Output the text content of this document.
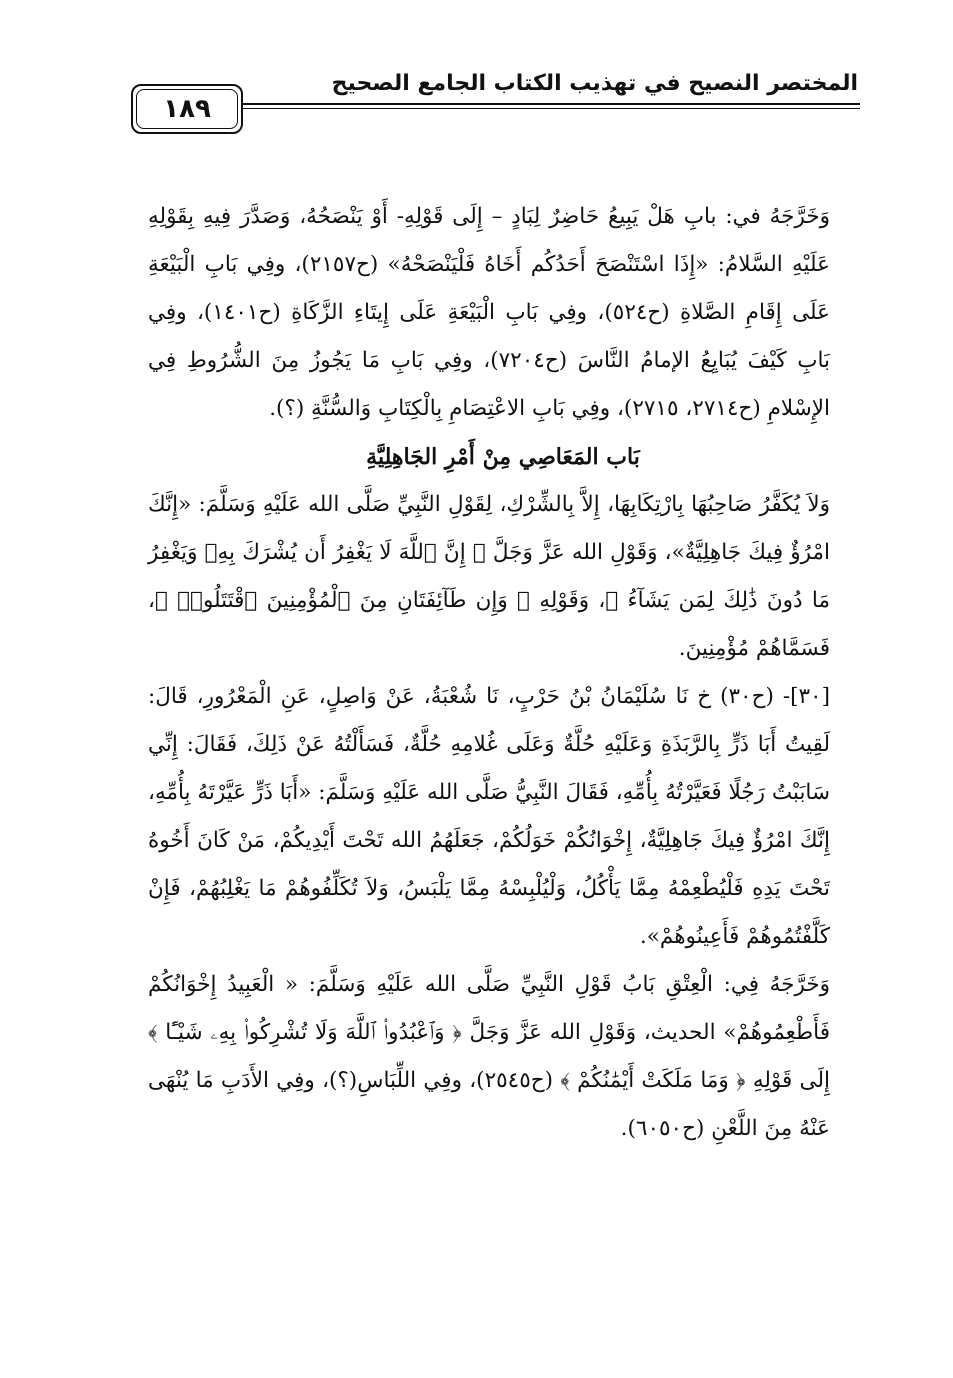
المختصر النصيح في تهذيب الكتاب الجامع الصحيح
١٨٩

وَخَرَّجَهُ في: بابِ هَلْ يَبِيعُ حَاضِرٌ لِبَادٍ – إِلَى قَوْلِهِ- أَوْ يَنْصَحُهُ، وَصَدَّرَ فِيهِ بِقَوْلِهِ عَلَيْهِ السَّلامُ: «إِذَا اسْتَنْصَحَ أَحَدُكُم أَخَاهُ فَلْيَنْصَحْهُ» (ح٢١٥٧)، وفِي بَابِ الْبَيْعَةِ عَلَى إِقَامِ الصَّلاةِ (ح٥٢٤)، وفِي بَابِ الْبَيْعَةِ عَلَى إِيتَاءِ الزَّكَاةِ (ح١٤٠١)، وفِي بَابِ كَيْفَ يُبَايِعُ الإمامُ النَّاسَ (ح٧٢٠٤)، وفِي بَابِ مَا يَجُوزُ مِنَ الشُّرُوطِ فِي الإِسْلامِ (ح٢٧١٤، ٢٧١٥)، وفِي بَابِ الاعْتِصَامِ بِالْكِتَابِ وَالسُّنَّةِ (؟).

بَاب المَعَاصِي مِنْ أَمْرِ الجَاهِلِيَّةِ

وَلاَ يُكَفَّرُ صَاحِبُهَا بِارْتِكَابِهَا، إِلاَّ بِالشِّرْكِ، لِقَوْلِ النَّبِيِّ صَلَّى الله عَلَيْهِ وَسَلَّمَ: «إِنَّكَ امْرُؤٌ فِيكَ جَاهِلِيَّةٌ»، وَقَوْلِ الله عَزَّ وَجَلَّ ﴿ إِنَّ ٱللَّهَ لَا يَغْفِرُ أَن يُشْرَكَ بِهِۦ وَيَغْفِرُ مَا دُونَ ذَٰلِكَ لِمَن يَشَآءُ ﴾، وَقَوْلِهِ ﴿ وَإِن طَآئِفَتَانِ مِنَ ٱلْمُؤْمِنِينَ ٱقْتَتَلُوا۟ ﴾، فَسَمَّاهُمْ مُؤْمِنِينَ.

[٣٠]- (ح٣٠) خ نَا سُلَيْمَانُ بْنُ حَرْبٍ، نَا شُعْبَةُ، عَنْ وَاصِلٍ، عَنِ الْمَعْرُورِ، قَالَ: لَقِيتُ أَبَا ذَرٍّ بِالرَّبَذَةِ وَعَلَيْهِ حُلَّةٌ وَعَلَى غُلامِهِ حُلَّةٌ، فَسَأَلْتُهُ عَنْ ذَلِكَ، فَقَالَ: إِنِّي سَابَبْتُ رَجُلًا فَعَيَّرْتُهُ بِأُمِّهِ، فَقَالَ النَّبِيُّ صَلَّى الله عَلَيْهِ وَسَلَّمَ: «أَبَا ذَرٍّ عَيَّرْتَهُ بِأُمِّهِ، إِنَّكَ امْرُؤٌ فِيكَ جَاهِلِيَّةٌ، إِخْوَانُكُمْ خَوَلُكُمْ، جَعَلَهُمُ الله تَحْتَ أَيْدِيكُمْ، مَنْ كَانَ أَخُوهُ تَحْتَ يَدِهِ فَلْيُطْعِمْهُ مِمَّا يَأْكُلُ، وَلْيُلْبِسْهُ مِمَّا يَلْبَسُ، وَلاَ تُكَلِّفُوهُمْ مَا يَغْلِبُهُمْ، فَإِنْ كَلَّفْتُمُوهُمْ فَأَعِينُوهُمْ».

وَخَرَّجَهُ فِي: الْعِتْقِ بَابُ قَوْلِ النَّبِيِّ صَلَّى الله عَلَيْهِ وَسَلَّمَ: « الْعَبِيدُ إِخْوَانُكُمْ فَأَطْعِمُوهُمْ» الحديث، وَقَوْلِ الله عَزَّ وَجَلَّ ﴿ وَٱعْبُدُوا۟ ٱللَّهَ وَلَا تُشْرِكُوا۟ بِهِۦ شَيْـًٔا ﴾ إِلَى قَوْلِهِ ﴿ وَمَا مَلَكَتْ أَيْمَٰنُكُمْ ﴾ (ح٢٥٤٥)، وفِي اللِّبَاسِ(؟)، وفِي الأَدَبِ مَا يُنْهَى عَنْهُ مِنَ اللَّعْنِ (ح٦٠٥٠).
